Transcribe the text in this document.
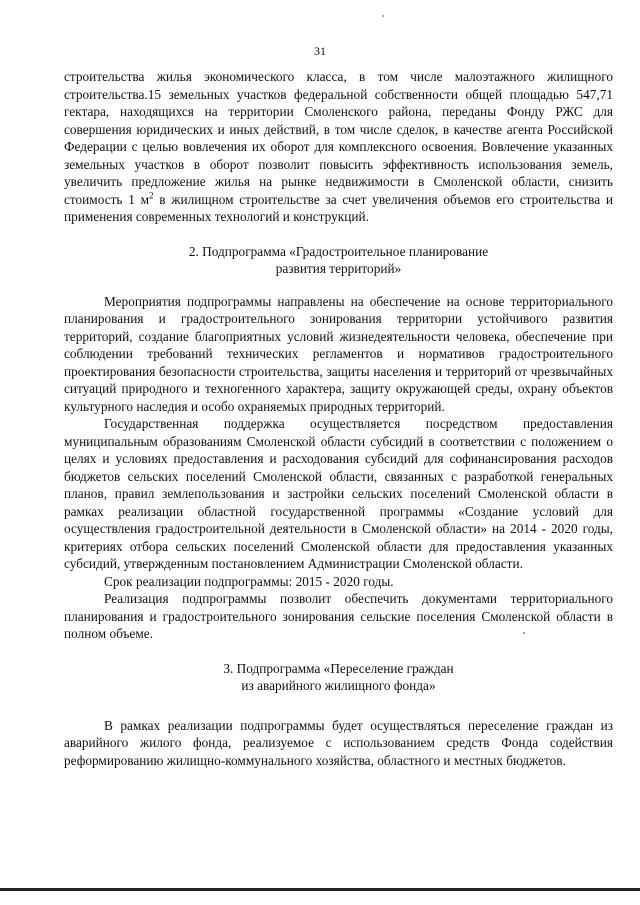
31

строительства жилья экономического класса, в том числе малоэтажного жилищного строительства.15 земельных участков федеральной собственности общей площадью 547,71 гектара, находящихся на территории Смоленского района, переданы Фонду РЖС для совершения юридических и иных действий, в том числе сделок, в качестве агента Российской Федерации с целью вовлечения их оборот для комплексного освоения. Вовлечение указанных земельных участков в оборот позволит повысить эффективность использования земель, увеличить предложение жилья на рынке недвижимости в Смоленской области, снизить стоимость 1 $м^2$ в жилищном строительстве за счет увеличения объемов его строительства и применения современных технологий и конструкций.

2. Подпрограмма «Градостроительное планирование
развития территорий»

Мероприятия подпрограммы направлены на обеспечение на основе территориального планирования и градостроительного зонирования территории устойчивого развития территорий, создание благоприятных условий жизнедеятельности человека, обеспечение при соблюдении требований технических регламентов и нормативов градостроительного проектирования безопасности строительства, защиты населения и территорий от чрезвычайных ситуаций природного и техногенного характера, защиту окружающей среды, охрану объектов культурного наследия и особо охраняемых природных территорий.

Государственная поддержка осуществляется посредством предоставления муниципальным образованиям Смоленской области субсидий в соответствии с положением о целях и условиях предоставления и расходования субсидий для софинансирования расходов бюджетов сельских поселений Смоленской области, связанных с разработкой генеральных планов, правил землепользования и застройки сельских поселений Смоленской области в рамках реализации областной государственной программы «Создание условий для осуществления градостроительной деятельности в Смоленской области» на 2014 - 2020 годы, критериях отбора сельских поселений Смоленской области для предоставления указанных субсидий, утвержденным постановлением Администрации Смоленской области.

Срок реализации подпрограммы: 2015 - 2020 годы.

Реализация подпрограммы позволит обеспечить документами территориального планирования и градостроительного зонирования сельские поселения Смоленской области в полном объеме.

3. Подпрограмма «Переселение граждан
из аварийного жилищного фонда»

В рамках реализации подпрограммы будет осуществляться переселение граждан из аварийного жилого фонда, реализуемое с использованием средств Фонда содействия реформированию жилищно-коммунального хозяйства, областного и местных бюджетов.
